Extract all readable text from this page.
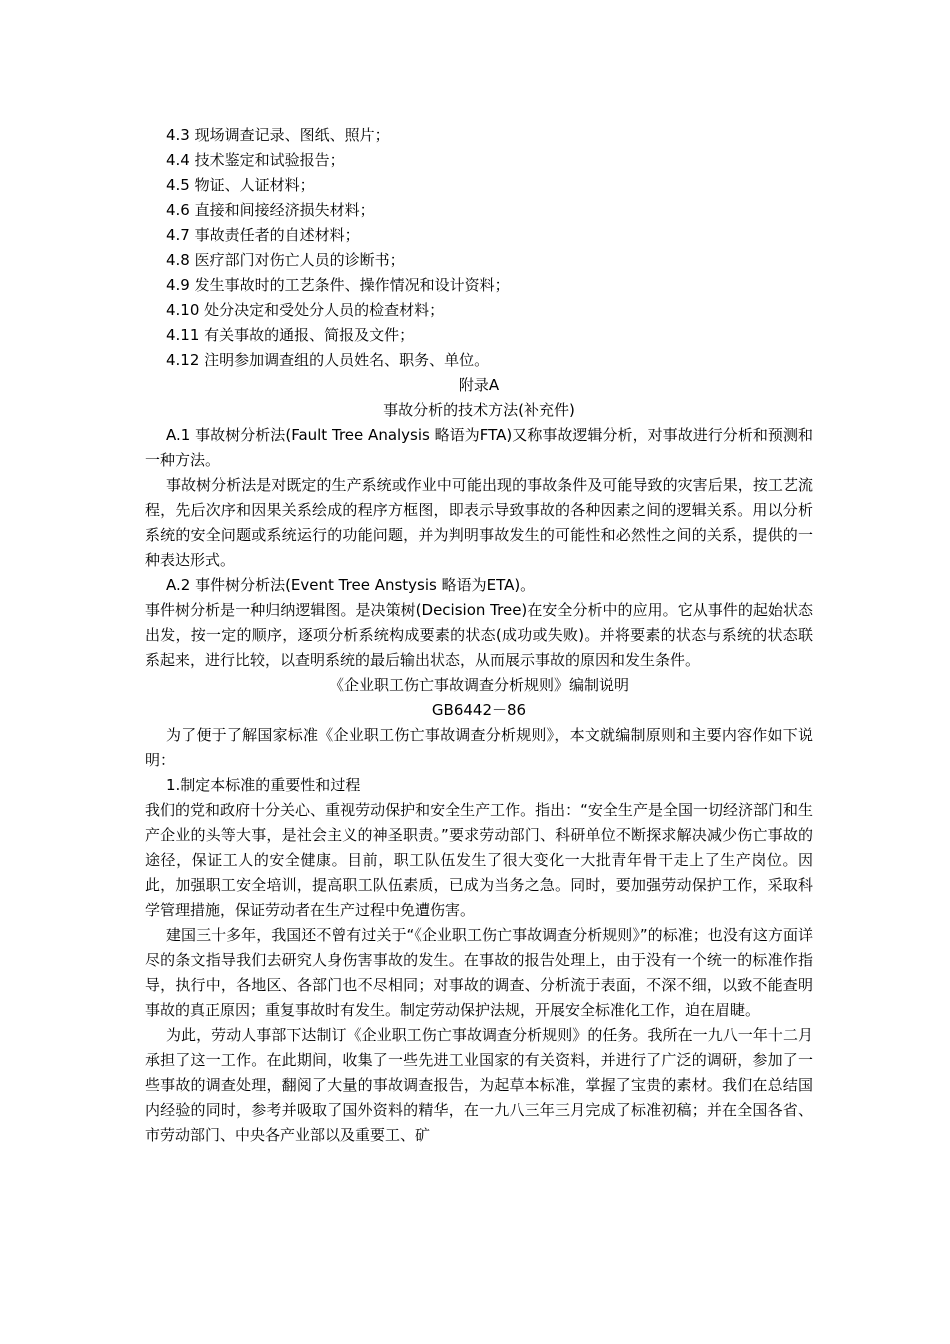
4.3 现场调查记录、图纸、照片；

4.4 技术鉴定和试验报告；

4.5 物证、人证材料；

4.6 直接和间接经济损失材料；

4.7 事故责任者的自述材料；

4.8 医疗部门对伤亡人员的诊断书；

4.9 发生事故时的工艺条件、操作情况和设计资料；

4.10 处分决定和受处分人员的检查材料；

4.11 有关事故的通报、简报及文件；

4.12 注明参加调查组的人员姓名、职务、单位。

附录A

事故分析的技术方法(补充件)

A.1 事故树分析法(Fault Tree Analysis 略语为FTA)又称事故逻辑分析，对事故进行分析和预测和一种方法。

事故树分析法是对既定的生产系统或作业中可能出现的事故条件及可能导致的灾害后果，按工艺流程，先后次序和因果关系绘成的程序方框图，即表示导致事故的各种因素之间的逻辑关系。用以分析系统的安全问题或系统运行的功能问题，并为判明事故发生的可能性和必然性之间的关系，提供的一种表达形式。

A.2 事件树分析法(Event Tree Anstysis 略语为ETA)。

事件树分析是一种归纳逻辑图。是决策树(Decision Tree)在安全分析中的应用。它从事件的起始状态出发，按一定的顺序，逐项分析系统构成要素的状态(成功或失败)。并将要素的状态与系统的状态联系起来，进行比较，以查明系统的最后输出状态，从而展示事故的原因和发生条件。

《企业职工伤亡事故调查分析规则》编制说明

GB6442－86

为了便于了解国家标准《企业职工伤亡事故调查分析规则》，本文就编制原则和主要内容作如下说明：

1.制定本标准的重要性和过程

我们的党和政府十分关心、重视劳动保护和安全生产工作。指出：“安全生产是全国一切经济部门和生产企业的头等大事，是社会主义的神圣职责。”要求劳动部门、科研单位不断探求解决减少伤亡事故的途径，保证工人的安全健康。目前，职工队伍发生了很大变化一大批青年骨干走上了生产岗位。因此，加强职工安全培训，提高职工队伍素质，已成为当务之急。同时，要加强劳动保护工作，采取科学管理措施，保证劳动者在生产过程中免遭伤害。

建国三十多年，我国还不曾有过关于“《企业职工伤亡事故调查分析规则》”的标准；也没有这方面详尽的条文指导我们去研究人身伤害事故的发生。在事故的报告处理上，由于没有一个统一的标准作指导，执行中，各地区、各部门也不尽相同；对事故的调查、分析流于表面，不深不细，以致不能查明事故的真正原因；重复事故时有发生。制定劳动保护法规，开展安全标准化工作，迫在眉睫。

为此，劳动人事部下达制订《企业职工伤亡事故调查分析规则》的任务。我所在一九八一年十二月承担了这一工作。在此期间，收集了一些先进工业国家的有关资料，并进行了广泛的调研，参加了一些事故的调查处理，翻阅了大量的事故调查报告，为起草本标准，掌握了宝贵的素材。我们在总结国内经验的同时，参考并吸取了国外资料的精华，在一九八三年三月完成了标准初稿；并在全国各省、市劳动部门、中央各产业部以及重要工、矿
